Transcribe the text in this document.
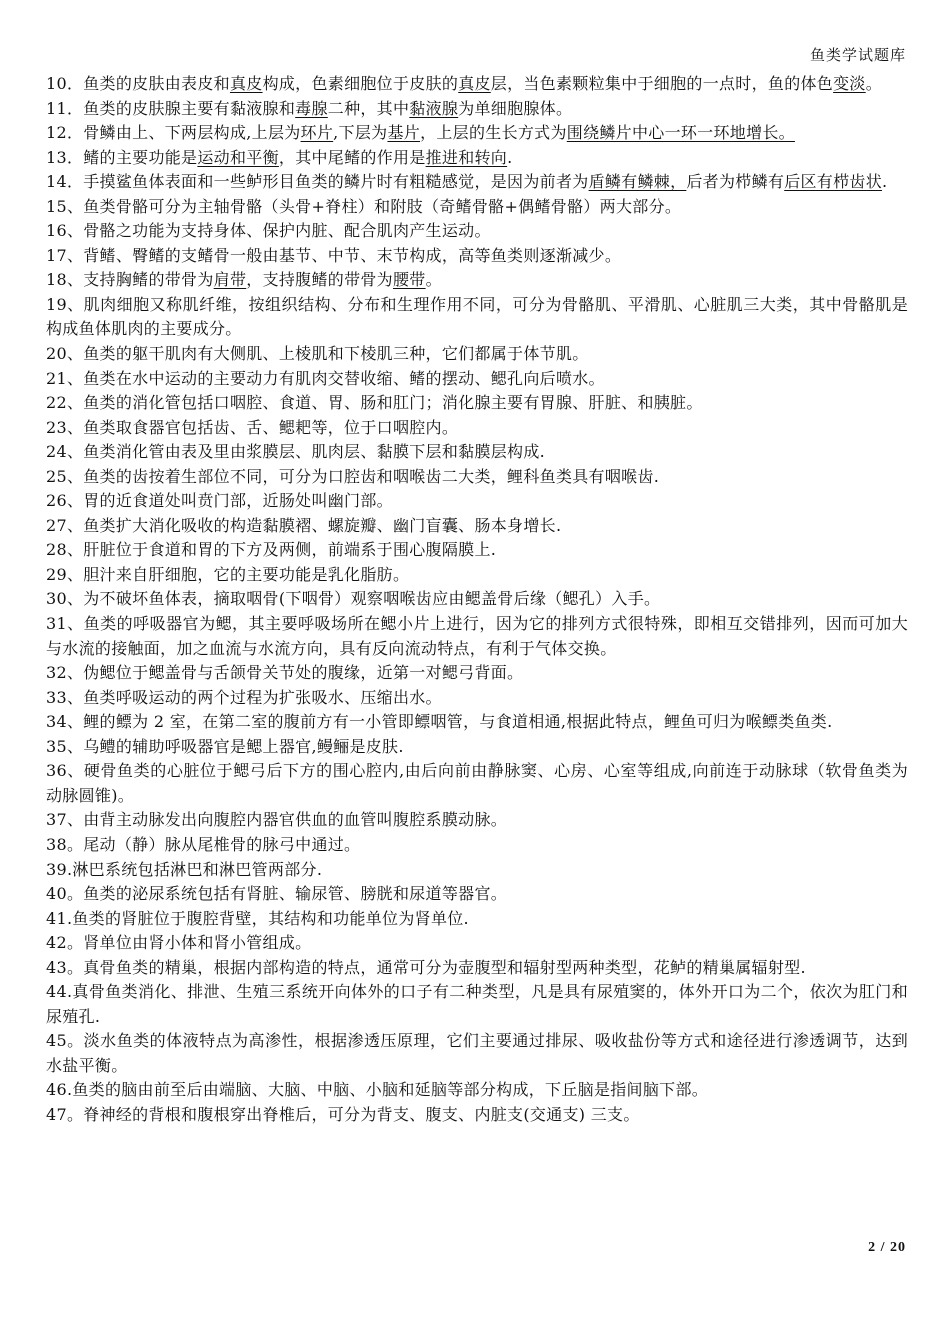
鱼类学试题库
10．鱼类的皮肤由表皮和真皮构成，色素细胞位于皮肤的真皮层，当色素颗粒集中于细胞的一点时，鱼的体色变淡。
11．鱼类的皮肤腺主要有黏液腺和毒腺二种，其中黏液腺为单细胞腺体。
12．骨鳞由上、下两层构成,上层为环片,下层为基片，上层的生长方式为围绕鳞片中心一环一环地增长。
13．鳍的主要功能是运动和平衡，其中尾鳍的作用是推进和转向.
14．手摸鲨鱼体表面和一些鲈形目鱼类的鳞片时有粗糙感觉，是因为前者为盾鳞有鳞棘，后者为栉鳞有后区有栉齿状.
15、鱼类骨骼可分为主轴骨骼（头骨+脊柱）和附肢（奇鳍骨骼+偶鳍骨骼）两大部分。
16、骨骼之功能为支持身体、保护内脏、配合肌肉产生运动。
17、背鳍、臀鳍的支鳍骨一般由基节、中节、末节构成，高等鱼类则逐渐减少。
18、支持胸鳍的带骨为肩带，支持腹鳍的带骨为腰带。
19、肌肉细胞又称肌纤维，按组织结构、分布和生理作用不同，可分为骨骼肌、平滑肌、心脏肌三大类，其中骨骼肌是构成鱼体肌肉的主要成分。
20、鱼类的躯干肌肉有大侧肌、上棱肌和下棱肌三种，它们都属于体节肌。
21、鱼类在水中运动的主要动力有肌肉交替收缩、鳍的摆动、鳃孔向后喷水。
22、鱼类的消化管包括口咽腔、食道、胃、肠和肛门；消化腺主要有胃腺、肝脏、和胰脏。
23、鱼类取食器官包括齿、舌、鳃耙等，位于口咽腔内。
24、鱼类消化管由表及里由浆膜层、肌肉层、黏膜下层和黏膜层构成.
25、鱼类的齿按着生部位不同，可分为口腔齿和咽喉齿二大类，鲤科鱼类具有咽喉齿.
26、胃的近食道处叫贲门部，近肠处叫幽门部。
27、鱼类扩大消化吸收的构造黏膜褶、螺旋瓣、幽门盲囊、肠本身增长.
28、肝脏位于食道和胃的下方及两侧，前端系于围心腹隔膜上.
29、胆汁来自肝细胞，它的主要功能是乳化脂肪。
30、为不破坏鱼体表，摘取咽骨(下咽骨）观察咽喉齿应由鳃盖骨后缘（鳃孔）入手。
31、鱼类的呼吸器官为鳃，其主要呼吸场所在鳃小片上进行，因为它的排列方式很特殊，即相互交错排列，因而可加大与水流的接触面，加之血流与水流方向，具有反向流动特点，有利于气体交换。
32、伪鳃位于鳃盖骨与舌颌骨关节处的腹缘，近第一对鳃弓背面。
33、鱼类呼吸运动的两个过程为扩张吸水、压缩出水。
34、鲤的鳔为 2 室，在第二室的腹前方有一小管即鳔咽管，与食道相通,根据此特点，鲤鱼可归为喉鳔类鱼类.
35、乌鳢的辅助呼吸器官是鳃上器官,鳗鲡是皮肤.
36、硬骨鱼类的心脏位于鳃弓后下方的围心腔内,由后向前由静脉窦、心房、心室等组成,向前连于动脉球（软骨鱼类为动脉圆锥)。
37、由背主动脉发出向腹腔内器官供血的血管叫腹腔系膜动脉。
38。尾动（静）脉从尾椎骨的脉弓中通过。
39.淋巴系统包括淋巴和淋巴管两部分.
40。鱼类的泌尿系统包括有肾脏、输尿管、膀胱和尿道等器官。
41.鱼类的肾脏位于腹腔背壁，其结构和功能单位为肾单位.
42。肾单位由肾小体和肾小管组成。
43。真骨鱼类的精巢，根据内部构造的特点，通常可分为壶腹型和辐射型两种类型，花鲈的精巢属辐射型.
44.真骨鱼类消化、排泄、生殖三系统开向体外的口子有二种类型，凡是具有尿殖窦的，体外开口为二个，依次为肛门和尿殖孔.
45。淡水鱼类的体液特点为高渗性，根据渗透压原理，它们主要通过排尿、吸收盐份等方式和途径进行渗透调节，达到水盐平衡。
46.鱼类的脑由前至后由端脑、大脑、中脑、小脑和延脑等部分构成，下丘脑是指间脑下部。
47。脊神经的背根和腹根穿出脊椎后，可分为背支、腹支、内脏支(交通支) 三支。
2 / 20
